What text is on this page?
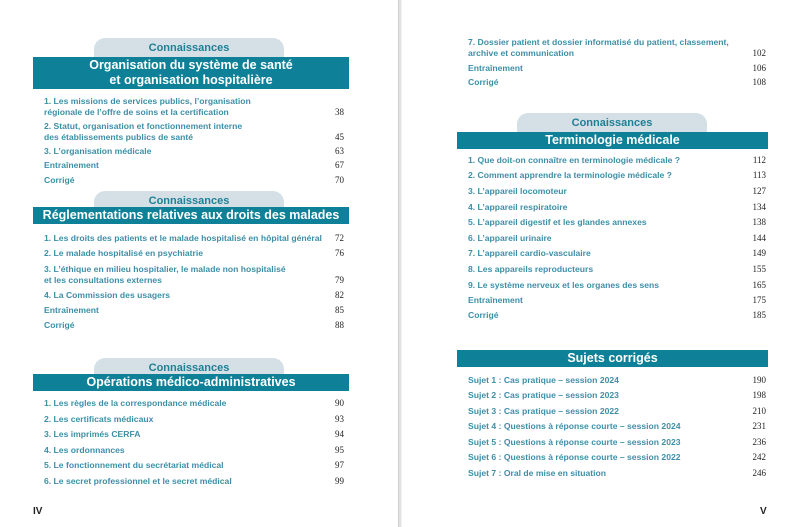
Connaissances
Organisation du système de santé
et organisation hospitalière
1. Les missions de services publics, l’organisation
régionale de l’offre de soins et la certification	38
2. Statut, organisation et fonctionnement interne
des établissements publics de santé	45
3. L’organisation médicale	63
Entraînement	67
Corrigé	70
Connaissances
Réglementations relatives aux droits des malades
1. Les droits des patients et le malade hospitalisé en hôpital général	72
2. Le malade hospitalisé en psychiatrie	76
3. L’éthique en milieu hospitalier, le malade non hospitalisé
et les consultations externes	79
4. La Commission des usagers	82
Entraînement	85
Corrigé	88
Connaissances
Opérations médico-administratives
1. Les règles de la correspondance médicale	90
2. Les certificats médicaux	93
3. Les imprimés CERFA	94
4. Les ordonnances	95
5. Le fonctionnement du secrétariat médical	97
6. Le secret professionnel et le secret médical	99
IV
7. Dossier patient et dossier informatisé du patient, classement,
archive et communication	102
Entraînement	106
Corrigé	108
Connaissances
Terminologie médicale
1. Que doit-on connaître en terminologie médicale ?	112
2. Comment apprendre la terminologie médicale ?	113
3. L’appareil locomoteur	127
4. L’appareil respiratoire	134
5. L’appareil digestif et les glandes annexes	138
6. L’appareil urinaire	144
7. L’appareil cardio-vasculaire	149
8. Les appareils reproducteurs	155
9. Le système nerveux et les organes des sens	165
Entraînement	175
Corrigé	185
Sujets corrigés
Sujet 1 : Cas pratique – session 2024	190
Sujet 2 : Cas pratique – session 2023	198
Sujet 3 : Cas pratique – session 2022	210
Sujet 4 : Questions à réponse courte – session 2024	231
Sujet 5 : Questions à réponse courte – session 2023	236
Sujet 6 : Questions à réponse courte – session 2022	242
Sujet 7 : Oral de mise en situation	246
V
